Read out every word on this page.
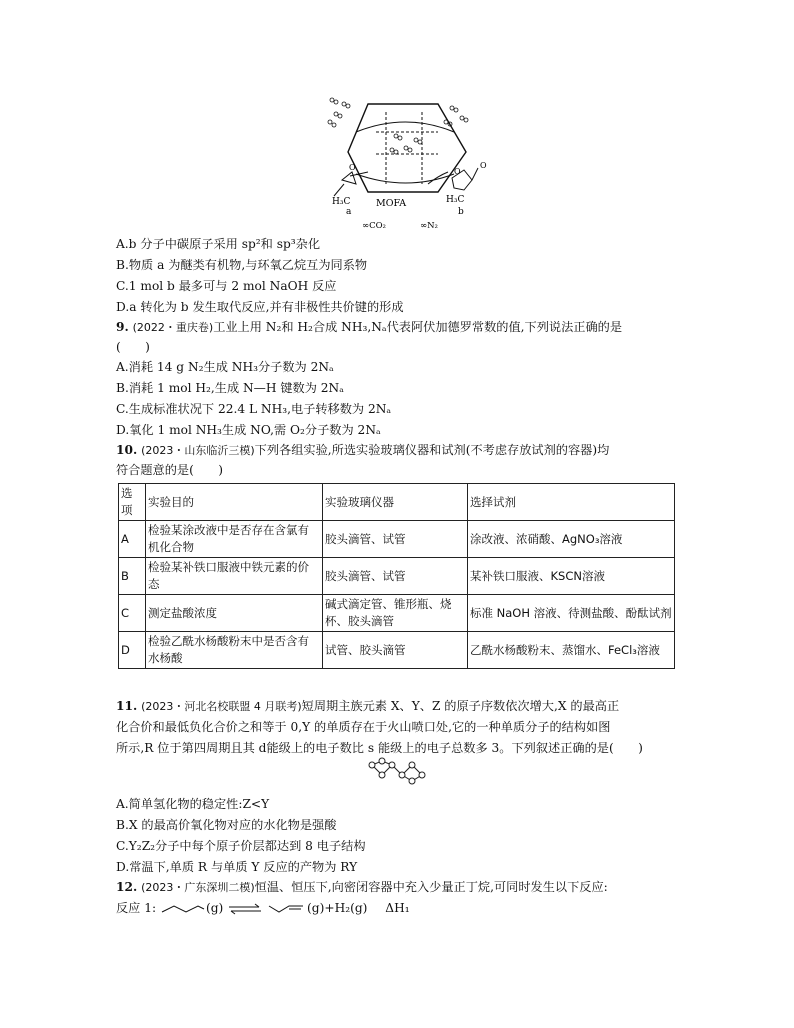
H₃C
a
MOFA	H₃C
b
∞CO₂	∞N₂
O	O
O
A.b 分子中碳原子采用 sp²和 sp³杂化
B.物质 a 为醚类有机物,与环氧乙烷互为同系物
C.1 mol b 最多可与 2 mol NaOH 反应
D.a 转化为 b 发生取代反应,并有非极性共价键的形成
9. (2022・重庆卷)工业上用 N₂和 H₂合成 NH₃,Nₐ代表阿伏加德罗常数的值,下列说法正确的是
(　　)
A.消耗 14 g N₂生成 NH₃分子数为 2Nₐ
B.消耗 1 mol H₂,生成 N—H 键数为 2Nₐ
C.生成标准状况下 22.4 L NH₃,电子转移数为 2Nₐ
D.氧化 1 mol NH₃生成 NO,需 O₂分子数为 2Nₐ
10. (2023・山东临沂三模)下列各组实验,所选实验玻璃仪器和试剂(不考虑存放试剂的容器)均
符合题意的是(　　)
选项	实验目的	实验玻璃仪器	选择试剂
A	检验某涂改液中是否存在含氯有机化合物	胶头滴管、试管	涂改液、浓硝酸、AgNO₃溶液
B	检验某补铁口服液中铁元素的价态	胶头滴管、试管	某补铁口服液、KSCN溶液
C	测定盐酸浓度	碱式滴定管、锥形瓶、烧杯、胶头滴管	标准 NaOH 溶液、待测盐酸、酚酞试剂
D	检验乙酰水杨酸粉末中是否含有水杨酸	试管、胶头滴管	乙酰水杨酸粉末、蒸馏水、FeCl₃溶液
11. (2023・河北名校联盟 4 月联考)短周期主族元素 X、Y、Z 的原子序数依次增大,X 的最高正
化合价和最低负化合价之和等于 0,Y 的单质存在于火山喷口处,它的一种单质分子的结构如图
所示,R 位于第四周期且其 d能级上的电子数比 s 能级上的电子总数多 3。下列叙述正确的是(　　)
A.简单氢化物的稳定性:Z<Y
B.X 的最高价氧化物对应的水化物是强酸
C.Y₂Z₂分子中每个原子价层都达到 8 电子结构
D.常温下,单质 R 与单质 Y 反应的产物为 RY
12. (2023・广东深圳二模)恒温、恒压下,向密闭容器中充入少量正丁烷,可同时发生以下反应:
反应 1:	(g) ⇌	(g)+H₂(g) ΔH₁
